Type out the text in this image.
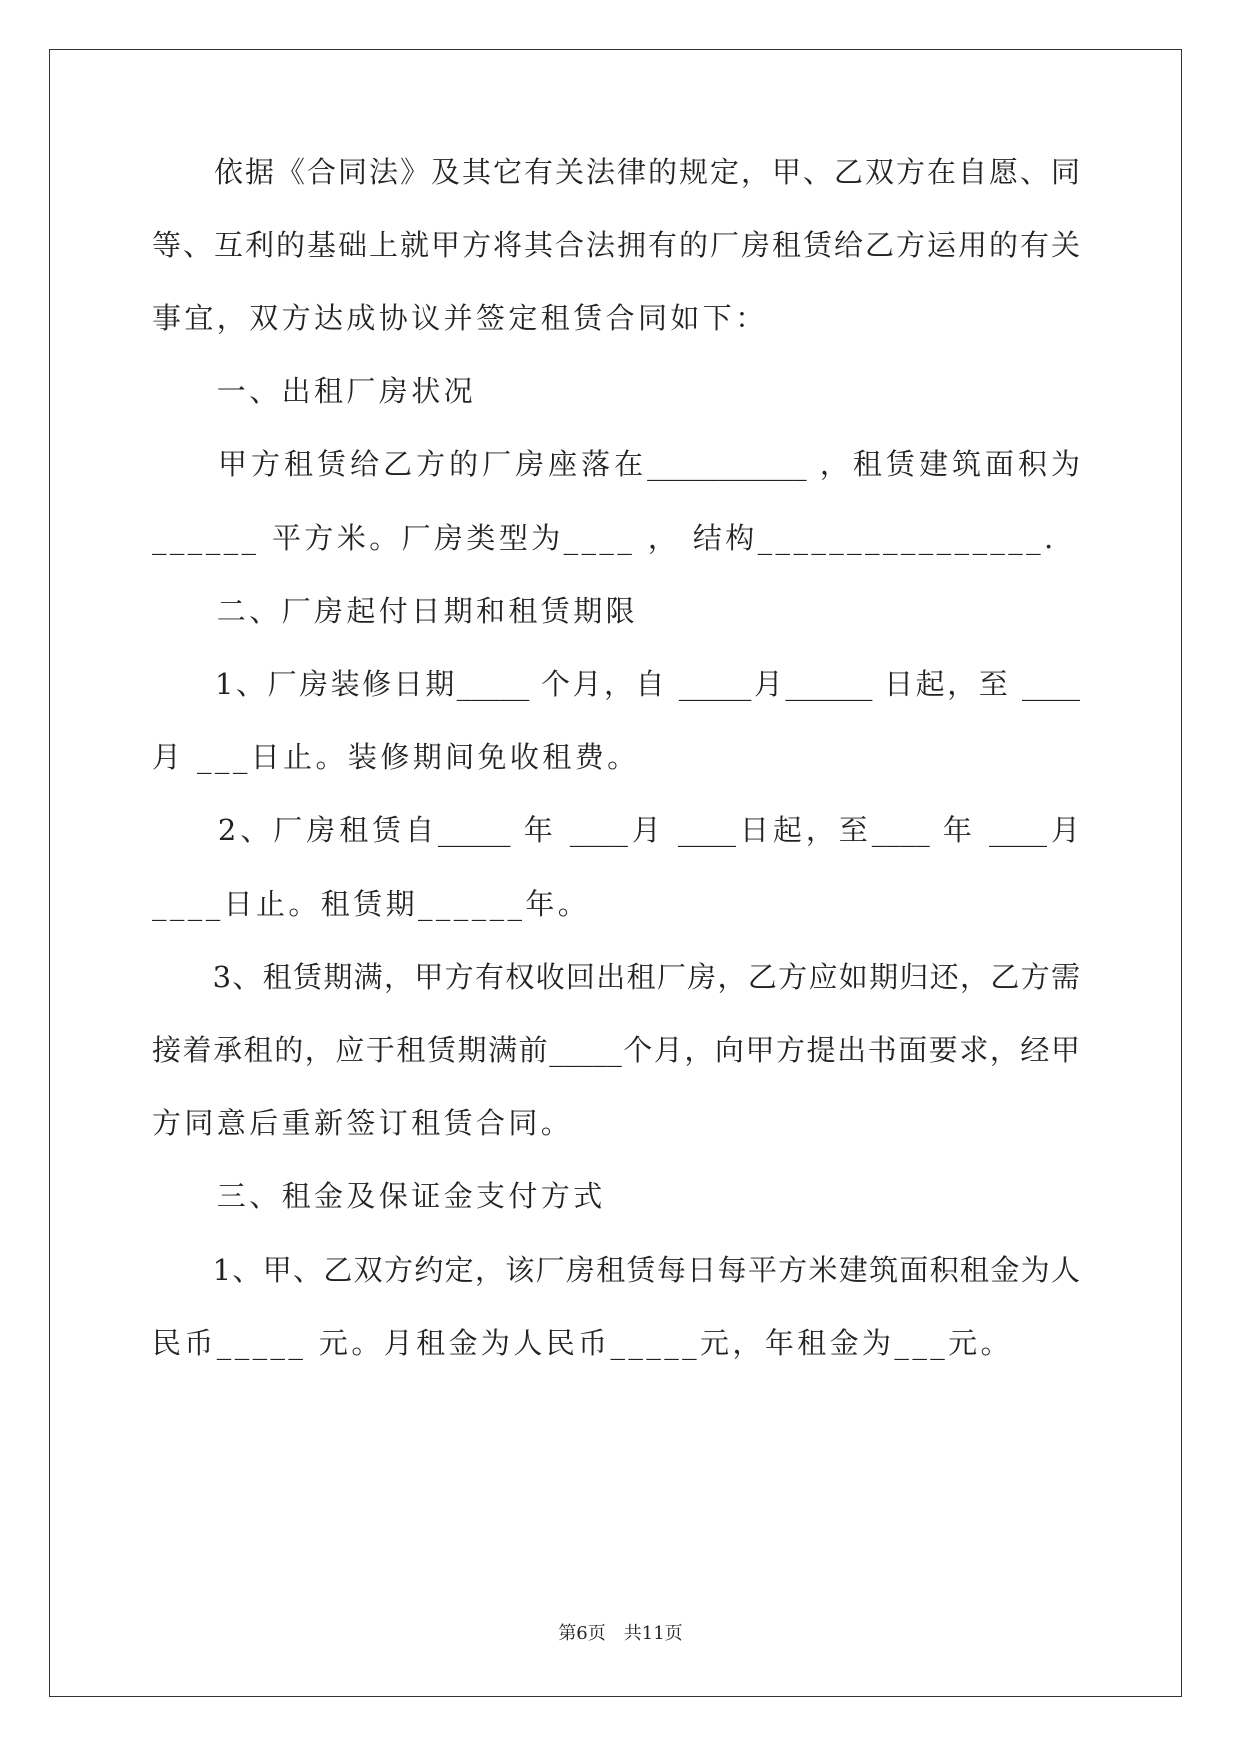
　　依据《合同法》及其它有关法律的规定，甲、乙双方在自愿、同
等、互利的基础上就甲方将其合法拥有的厂房租赁给乙方运用的有关
事宜，双方达成协议并签定租赁合同如下：
　　一、出租厂房状况
　　甲方租赁给乙方的厂房座落在___________ ，租赁建筑面积为
______ 平方米。厂房类型为____ ， 结构________________.
　　二、厂房起付日期和租赁期限
　　1、厂房装修日期_____ 个月，自 _____月______ 日起，至 ____
月 ___日止。装修期间免收租费。
　　2、厂房租赁自_____ 年 ____月 ____日起，至____ 年 ____月
____日止。租赁期______年。
　　3、租赁期满，甲方有权收回出租厂房，乙方应如期归还，乙方需
接着承租的，应于租赁期满前_____个月，向甲方提出书面要求，经甲
方同意后重新签订租赁合同。
　　三、租金及保证金支付方式
　　1、甲、乙双方约定，该厂房租赁每日每平方米建筑面积租金为人
民币_____ 元。月租金为人民币_____元，年租金为___元。
第6页　共11页
